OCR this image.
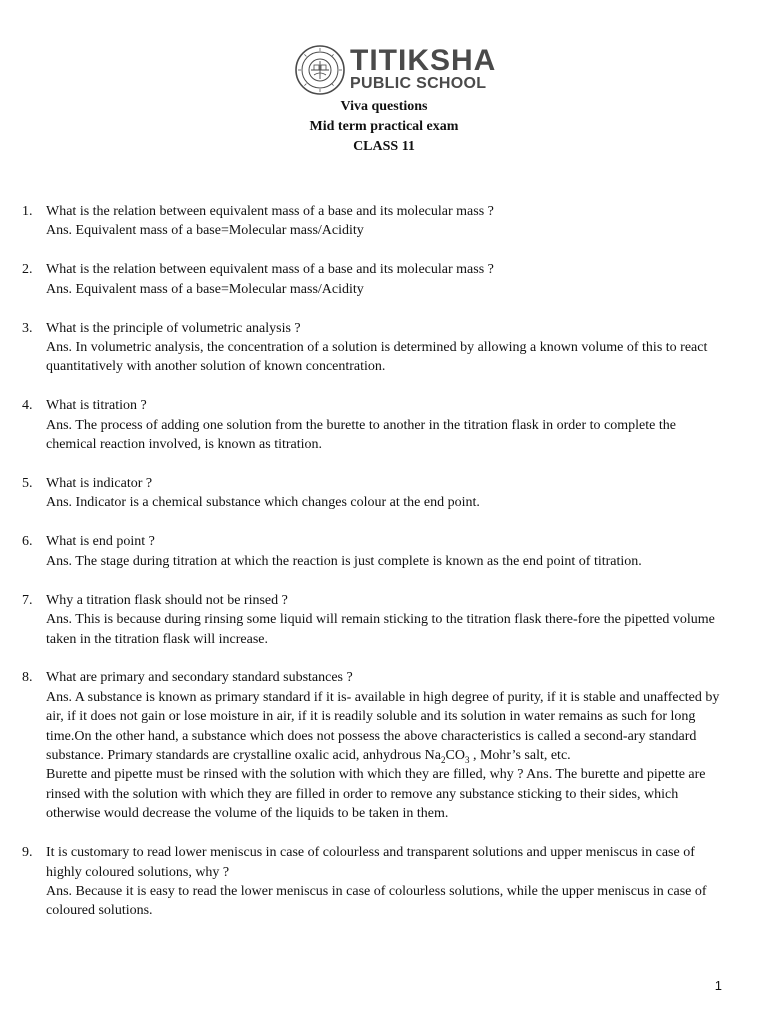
TITIKSHA
PUBLIC SCHOOL
Viva questions
Mid term practical exam
CLASS 11
1. What is the relation between equivalent mass of a base and its molecular mass ?
Ans. Equivalent mass of a base=Molecular mass/Acidity
2. What is the relation between equivalent mass of a base and its molecular mass ?
Ans. Equivalent mass of a base=Molecular mass/Acidity
3. What is the principle of volumetric analysis ?
Ans. In volumetric analysis, the concentration of a solution is determined by allowing a known volume of this to react quantitatively with another solution of known concentration.
4. What is titration ?
Ans. The process of adding one solution from the burette to another in the titration flask in order to complete the chemical reaction involved, is known as titration.
5. What is indicator ?
Ans. Indicator is a chemical substance which changes colour at the end point.
6. What is end point ?
Ans. The stage during titration at which the reaction is just complete is known as the end point of titration.
7. Why a titration flask should not be rinsed ?
Ans. This is because during rinsing some liquid will remain sticking to the titration flask there-fore the pipetted volume taken in the titration flask will increase.
8. What are primary and secondary standard substances ?
Ans. A substance is known as primary standard if it is- available in high degree of purity, if it is stable and unaffected by air, if it does not gain or lose moisture in air, if it is readily soluble and its solution in water remains as such for long time.On the other hand, a substance which does not possess the above characteristics is called a second-ary standard substance. Primary standards are crystalline oxalic acid, anhydrous $Na_2CO_3$ , Mohr’s salt, etc.
Burette and pipette must be rinsed with the solution with which they are filled, why ? Ans. The burette and pipette are rinsed with the solution with which they are filled in order to remove any substance sticking to their sides, which otherwise would decrease the volume of the liquids to be taken in them.
9. It is customary to read lower meniscus in case of colourless and transparent solutions and upper meniscus in case of highly coloured solutions, why ?
Ans. Because it is easy to read the lower meniscus in case of colourless solutions, while the upper meniscus in case of coloured solutions.
1
